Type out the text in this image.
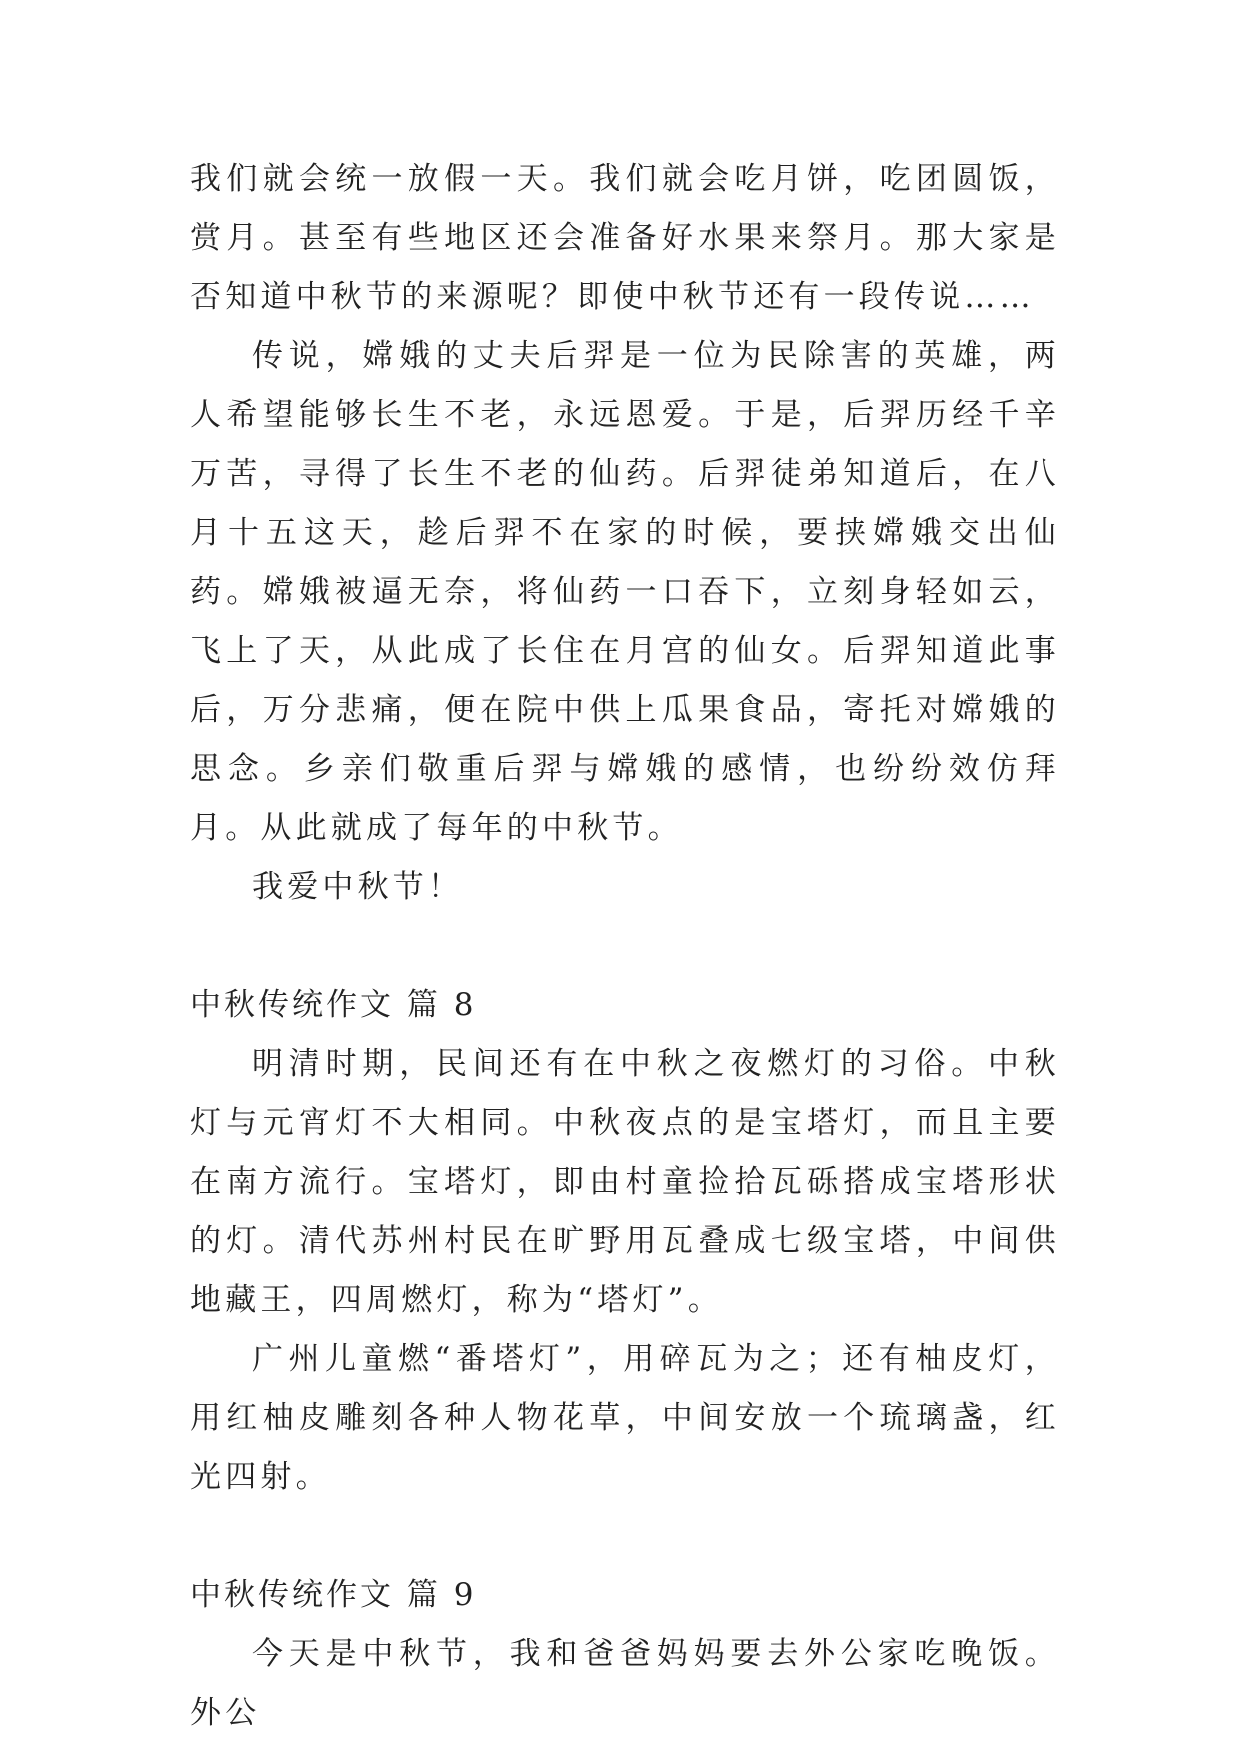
我们就会统一放假一天。我们就会吃月饼，吃团圆饭，赏月。甚至有些地区还会准备好水果来祭月。那大家是否知道中秋节的来源呢？即使中秋节还有一段传说……

传说，嫦娥的丈夫后羿是一位为民除害的英雄，两人希望能够长生不老，永远恩爱。于是，后羿历经千辛万苦，寻得了长生不老的仙药。后羿徒弟知道后，在八月十五这天，趁后羿不在家的时候，要挟嫦娥交出仙药。嫦娥被逼无奈，将仙药一口吞下，立刻身轻如云，飞上了天，从此成了长住在月宫的仙女。后羿知道此事后，万分悲痛，便在院中供上瓜果食品，寄托对嫦娥的思念。乡亲们敬重后羿与嫦娥的感情，也纷纷效仿拜月。从此就成了每年的中秋节。

我爱中秋节！

中秋传统作文 篇 8

明清时期，民间还有在中秋之夜燃灯的习俗。中秋灯与元宵灯不大相同。中秋夜点的是宝塔灯，而且主要在南方流行。宝塔灯，即由村童捡拾瓦砾搭成宝塔形状的灯。清代苏州村民在旷野用瓦叠成七级宝塔，中间供地藏王，四周燃灯，称为“塔灯”。

广州儿童燃“番塔灯”，用碎瓦为之；还有柚皮灯，用红柚皮雕刻各种人物花草，中间安放一个琉璃盏，红光四射。

中秋传统作文 篇 9

今天是中秋节，我和爸爸妈妈要去外公家吃晚饭。外公
